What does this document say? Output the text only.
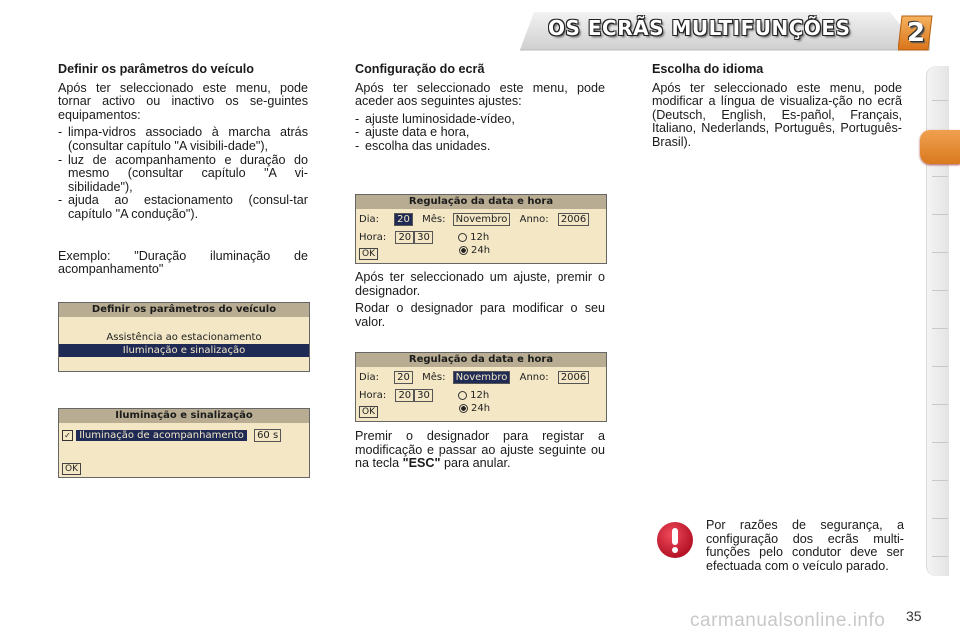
OS ECRÃS MULTIFUNÇÕES	2
Definir os parâmetros do veículo

Após ter seleccionado este menu, pode tornar activo ou inactivo os se-guintes equipamentos:

- limpa-vidros associado à marcha atrás (consultar capítulo "A visibili-dade"),
- luz de acompanhamento e duração do mesmo (consultar capítulo "A vi-sibilidade"),
- ajuda ao estacionamento (consul-tar capítulo "A condução").

Exemplo: "Duração iluminação de acompanhamento"

Definir os parâmetros do veículo
Assistência ao estacionamento
Iluminação e sinalização
Iluminação e sinalização
✓ Iluminação de acompanhamento 60 s
OK
Configuração do ecrã

Após ter seleccionado este menu, pode aceder aos seguintes ajustes:

- ajuste luminosidade-vídeo,
- ajuste data e hora,
- escolha das unidades.
Regulação da data e hora
Dia: 20 Mês: Novembro Anno: 2006
Hora: 20 30	12h
24h
OK

Após ter seleccionado um ajuste, premir o designador.

Rodar o designador para modificar o seu valor.

Regulação da data e hora
Dia: 20 Mês: Novembro Anno: 2006
Hora: 20 30	12h
24h
OK

Premir o designador para registar a modificação e passar ao ajuste seguinte ou na tecla "ESC" para anular.

Escolha do idioma

Após ter seleccionado este menu, pode modificar a língua de visualiza-ção no ecrã (Deutsch, English, Es-pañol, Français, Italiano, Nederlands, Português, Português-Brasil).

Por razões de segurança, a configuração dos ecrãs multi-funções pelo condutor deve ser efectuada com o veículo parado.
carmanualsonline.info 35
